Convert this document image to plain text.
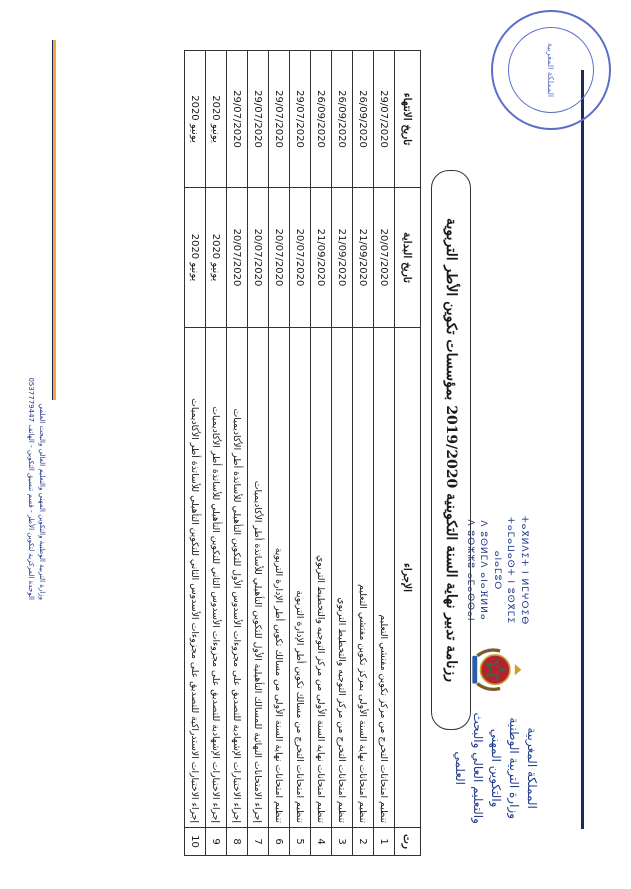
المملكة المغربية
وزارة التربية الوطنية
والتكوين المهني
والتعليم العالي والبحث العلمي
ⵜⴰⴳⵍⴷⵉⵜ ⵏ ⵍⵎⵖⵔⵉⴱ
ⵜⴰⵎⴰⵡⴰⵙⵜ ⵏ ⵓⵙⴳⵎⵉ ⴰⵏⴰⵎⵓⵔ
ⴷ ⵓⵙⵍⵎⴷ ⴰⵏⴰⴼⵍⵍⴰ
ⴷ ⵓⵔⵣⵣⵓ ⴰⵎⴰⵙⵙⴰⵏ
المملكة المغربية
رزنامة تدبير نهاية السنة التكوينية 2019/2020 بمؤسسات تكوين الأطر التربوية
رت	الإجراء	تاريخ البداية	تاريخ الانتهاء
1	تنظيم امتحانات التخرج من مركز تكوين مفتشي التعليم	20/07/2020	29/07/2020
2	تنظيم امتحانات نهاية السنة الأولى بمركز تكوين مفتشي التعليم	21/09/2020	26/09/2020
3	تنظيم امتحانات التخرج من مركز التوجيه والتخطيط التربوي	21/09/2020	26/09/2020
4	تنظيم امتحانات نهاية السنة الأولى من مركز التوجيه والتخطيط التربوي	21/09/2020	26/09/2020
5	تنظيم امتحانات التخرج من مسالك تكوين أطر الإدارة التربوية	20/07/2020	29/07/2020
6	تنظيم امتحانات نهاية السنة الأولى من مسالك تكوين أطر الإدارة التربوية	20/07/2020	29/07/2020
7	إجراء الامتحانات النهائية للمسالك التأهيلية الأول للتكوين التأهيلي للأساتذة أطر الأكاديميات	20/07/2020	29/07/2020
8	إجراء الاختبارات الإشهادية للتصديق على مجزوءات الأسدوس الأول للتكوين التأهيلي للأساتذة أطر الأكاديميات	20/07/2020	29/07/2020
9	إجراء الاختبارات الإشهادية للتصديق على مجزوءات الأسدوس الثاني للتكوين التأهيلي للأساتذة أطر الأكاديميات	يونيو 2020	يونيو 2020
10	إجراء الاختبارات الاستدراكية للتصديق على مجزوءات الأسدوس الثاني للتكوين التأهيلي للأساتذة أطر الأكاديميات	يونيو 2020	يونيو 2020
وزارة التربية الوطنية والتكوين المهني والتعليم العالي والبحث العلمي
الوحدة المركزية لتكوين الأطر - قسم تنسيق التكوين - الهاتف 0537779447
